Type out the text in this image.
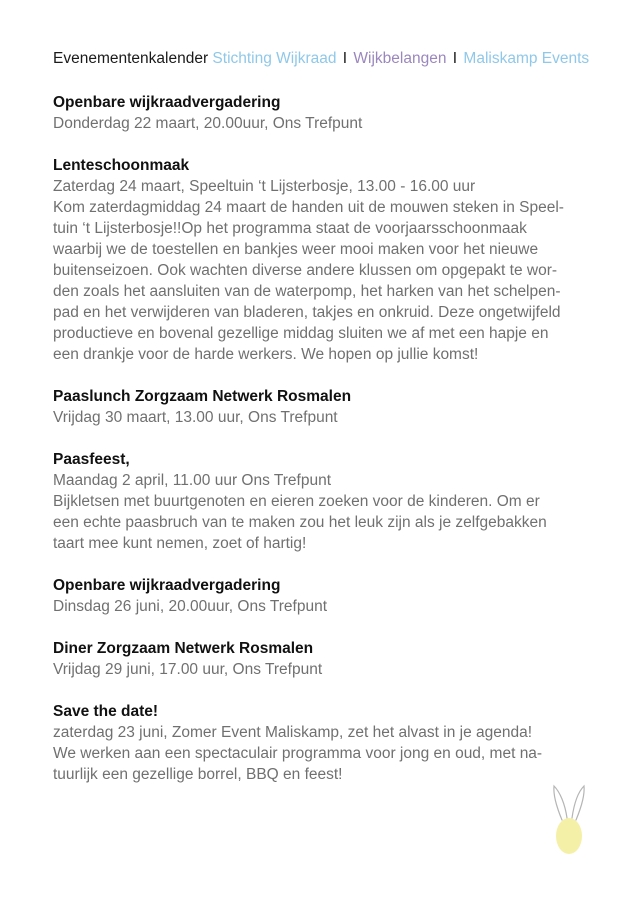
Evenementenkalender Stichting Wijkraad I Wijkbelangen I Maliskamp Events
Openbare wijkraadvergadering
Donderdag 22 maart, 20.00uur, Ons Trefpunt
Lenteschoonmaak
Zaterdag 24 maart, Speeltuin ‘t Lijsterbosje, 13.00 - 16.00 uur
Kom zaterdagmiddag 24 maart de handen uit de mouwen steken in Speel-
tuin ‘t Lijsterbosje!!Op het programma staat de voorjaarsschoonmaak
waarbij we de toestellen en bankjes weer mooi maken voor het nieuwe
buitenseizoen. Ook wachten diverse andere klussen om opgepakt te wor-
den zoals het aansluiten van de waterpomp, het harken van het schelpen-
pad en het verwijderen van bladeren, takjes en onkruid. Deze ongetwijfeld
productieve en bovenal gezellige middag sluiten we af met een hapje en
een drankje voor de harde werkers. We hopen op jullie komst!
Paaslunch Zorgzaam Netwerk Rosmalen
Vrijdag 30 maart, 13.00 uur, Ons Trefpunt
Paasfeest,
Maandag 2 april, 11.00 uur Ons Trefpunt
Bijkletsen met buurtgenoten en eieren zoeken voor de kinderen. Om er
een echte paasbruch van te maken zou het leuk zijn als je zelfgebakken
taart mee kunt nemen, zoet of hartig!
Openbare wijkraadvergadering
Dinsdag 26 juni, 20.00uur, Ons Trefpunt
Diner Zorgzaam Netwerk Rosmalen
Vrijdag 29 juni, 17.00 uur, Ons Trefpunt
Save the date!
zaterdag 23 juni, Zomer Event Maliskamp, zet het alvast in je agenda!
We werken aan een spectaculair programma voor jong en oud, met na-
tuurlijk een gezellige borrel, BBQ en feest!
